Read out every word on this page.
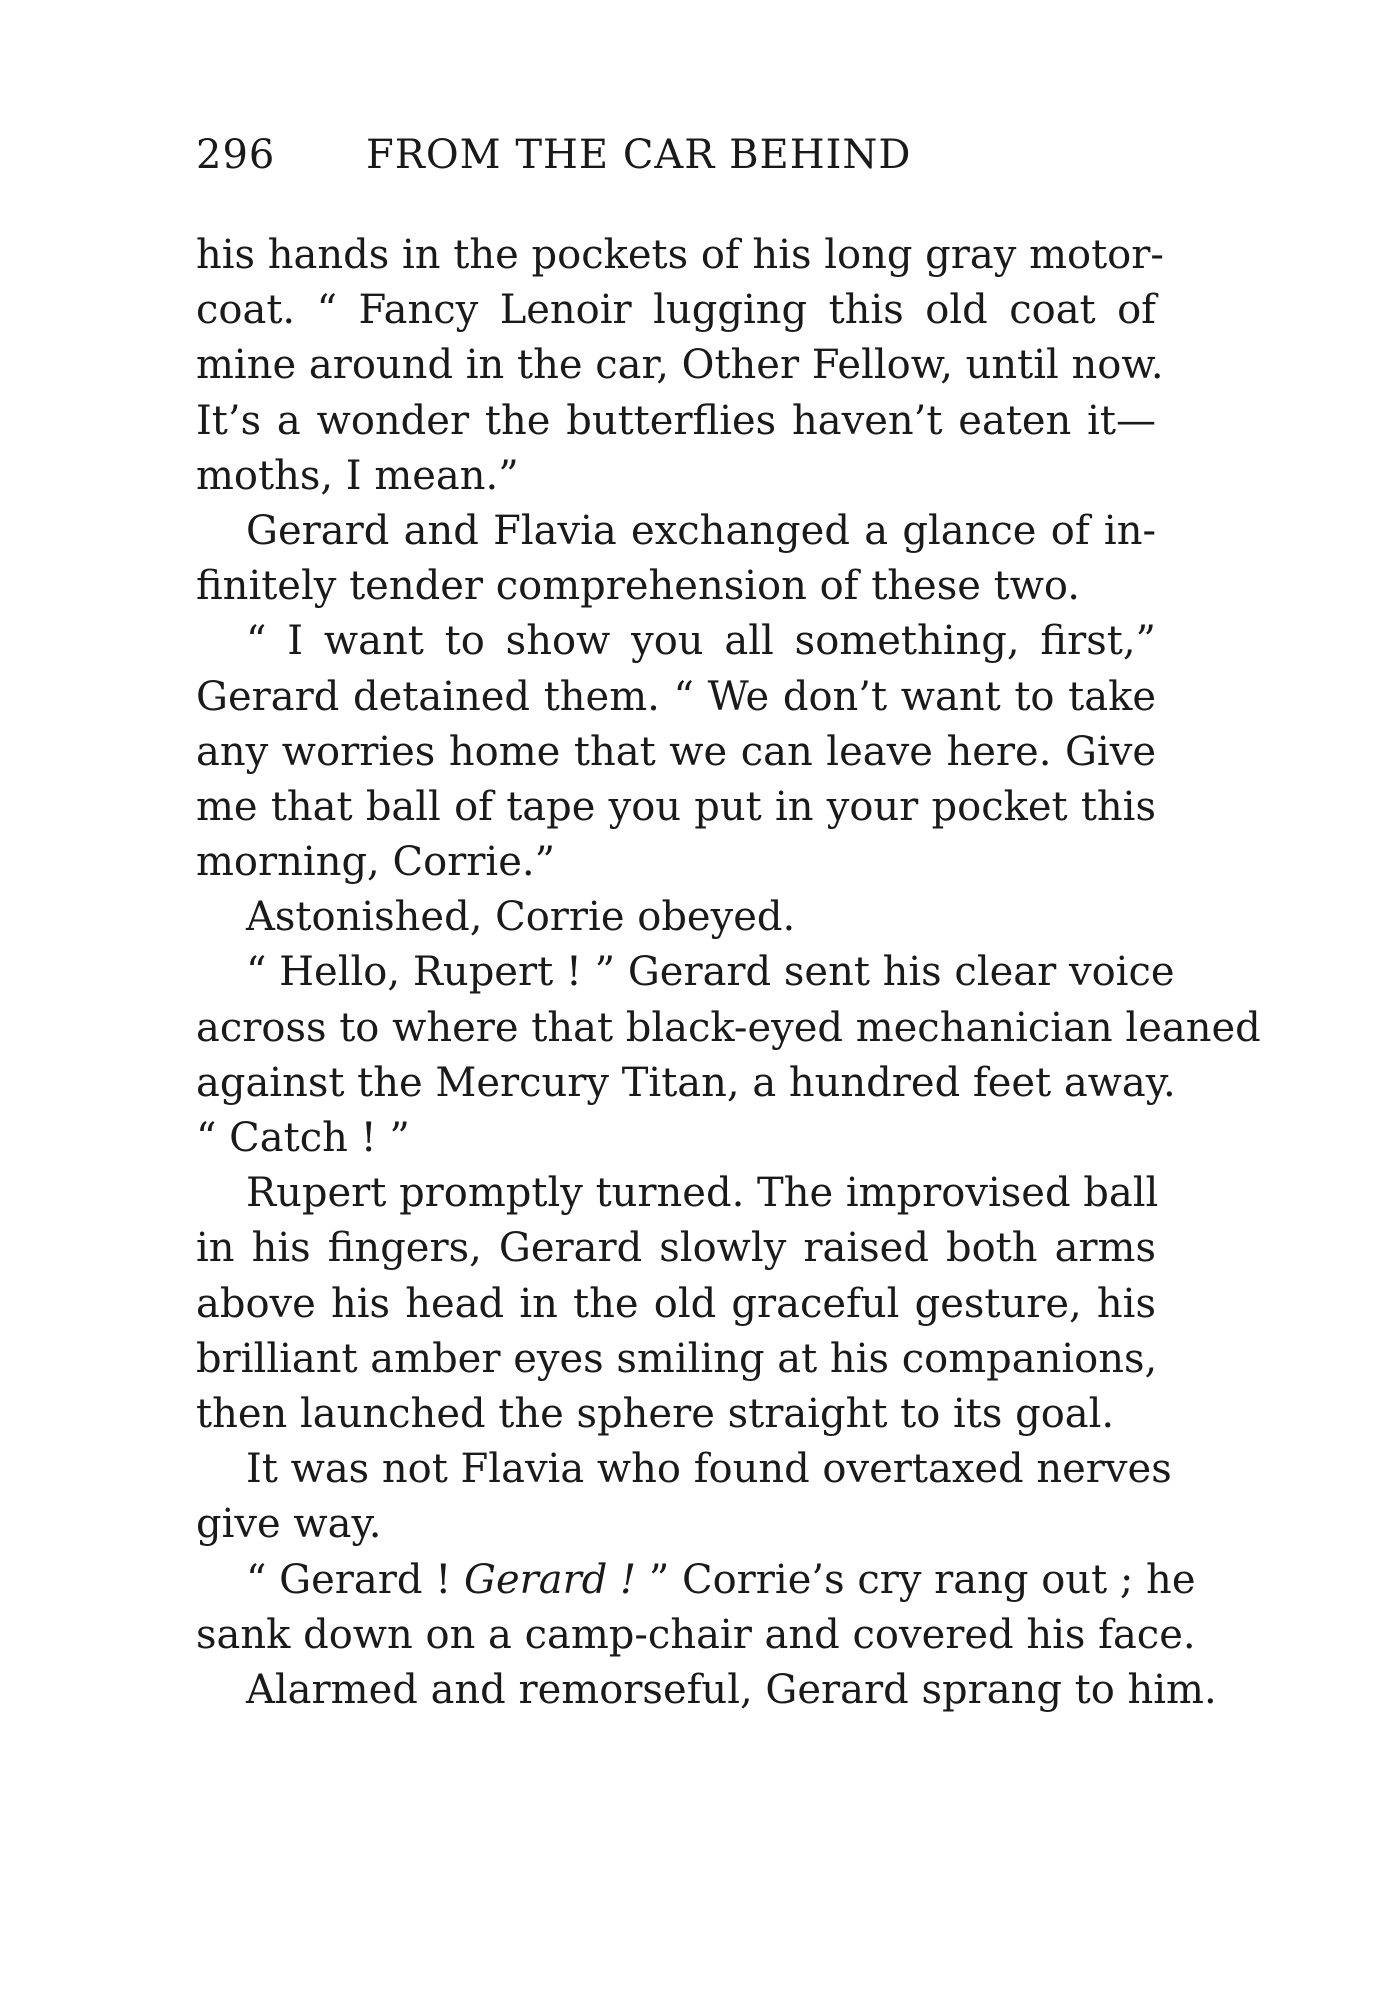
296 FROM THE CAR BEHIND
his hands in the pockets of his long gray motor-
coat. “ Fancy Lenoir lugging this old coat of
mine around in the car, Other Fellow, until now.
It’s a wonder the butterflies haven’t eaten it—
moths, I mean.”
Gerard and Flavia exchanged a glance of in-
finitely tender comprehension of these two.
“ I want to show you all something, first,”
Gerard detained them. “ We don’t want to take
any worries home that we can leave here. Give
me that ball of tape you put in your pocket this
morning, Corrie.”
Astonished, Corrie obeyed.
“ Hello, Rupert ! ” Gerard sent his clear voice
across to where that black-eyed mechanician leaned
against the Mercury Titan, a hundred feet away.
“ Catch ! ”
Rupert promptly turned. The improvised ball
in his fingers, Gerard slowly raised both arms
above his head in the old graceful gesture, his
brilliant amber eyes smiling at his companions,
then launched the sphere straight to its goal.
It was not Flavia who found overtaxed nerves
give way.
“ Gerard ! Gerard ! ” Corrie’s cry rang out ; he
sank down on a camp-chair and covered his face.
Alarmed and remorseful, Gerard sprang to him.
